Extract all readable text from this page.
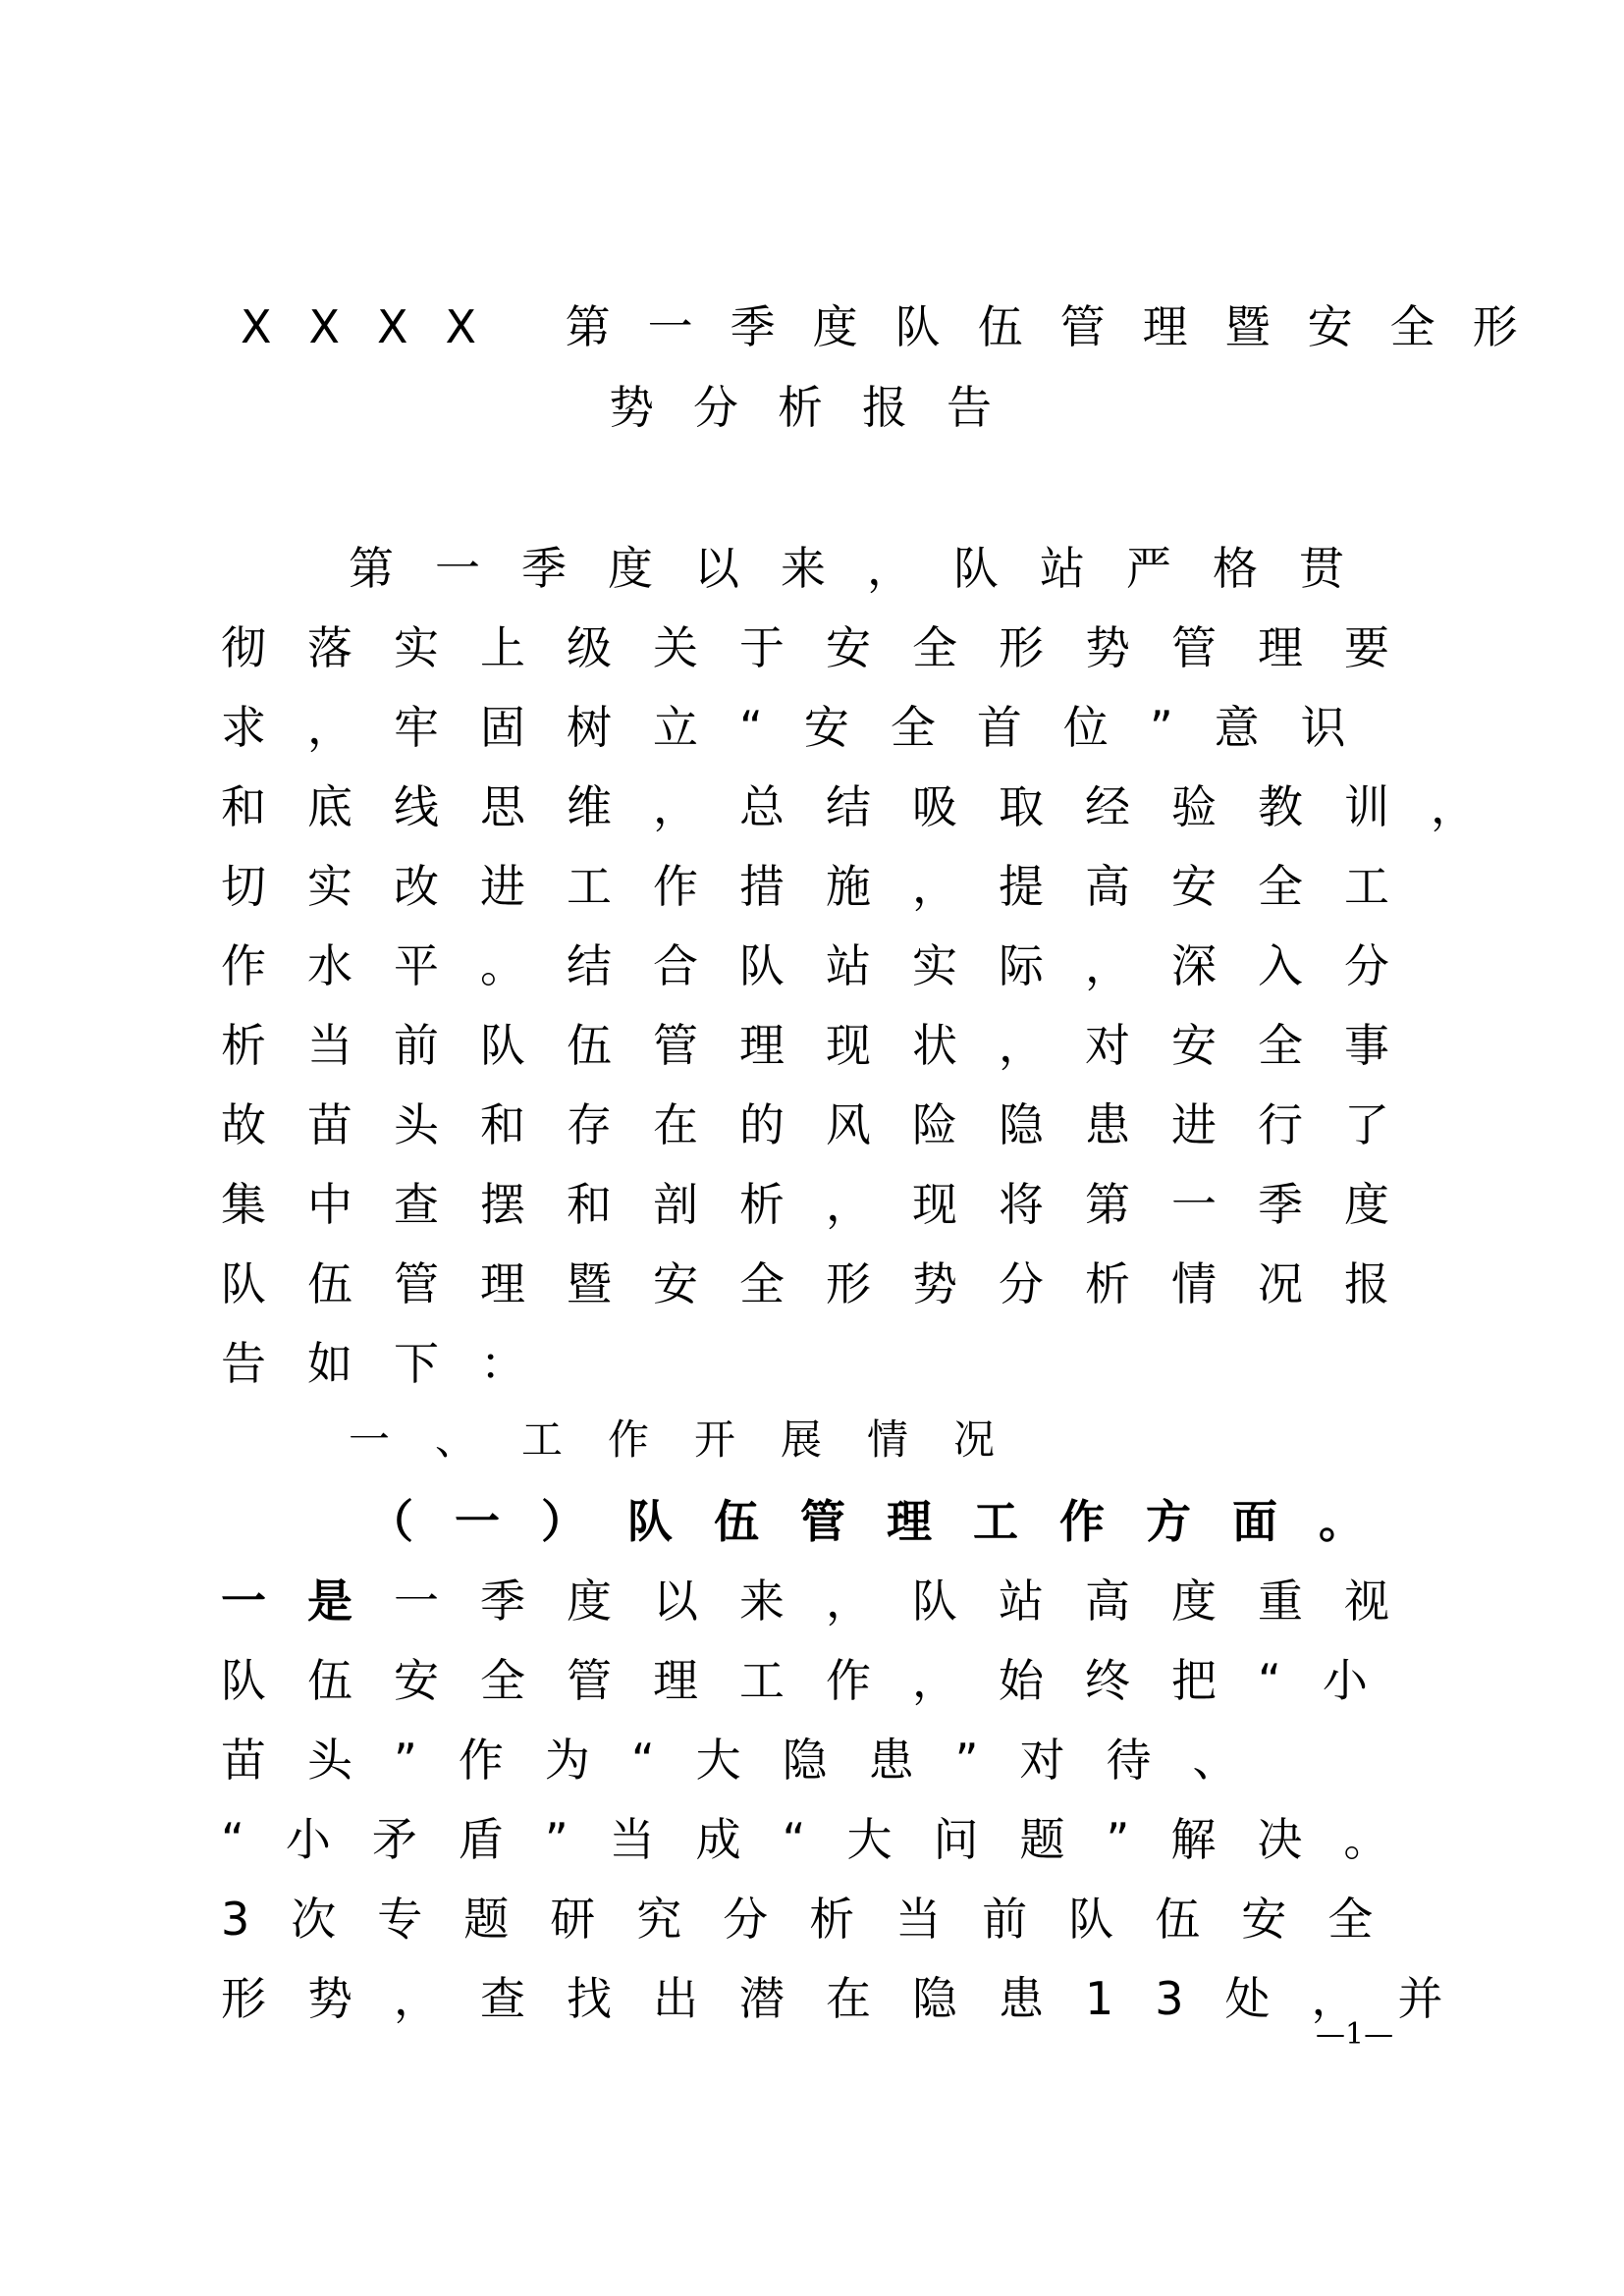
XXXX 第一季度队伍管理暨安全形
势分析报告
第一季度以来，队站严格贯
彻落实上级关于安全形势管理要
求，牢固树立“安全首位”意识
和底线思维，总结吸取经验教训，
切实改进工作措施，提高安全工
作水平。结合队站实际，深入分
析当前队伍管理现状，对安全事
故苗头和存在的风险隐患进行了
集中查摆和剖析，现将第一季度
队伍管理暨安全形势分析情况报
告如下：
一、工作开展情况
（一）队伍管理工作方面。
一是一季度以来，队站高度重视
队伍安全管理工作，始终把“小
苗头”作为“大隐患”对待、
“小矛盾”当成“大问题”解决。
3次专题研究分析当前队伍安全
形势，查找出潜在隐患13处，并
—1—
